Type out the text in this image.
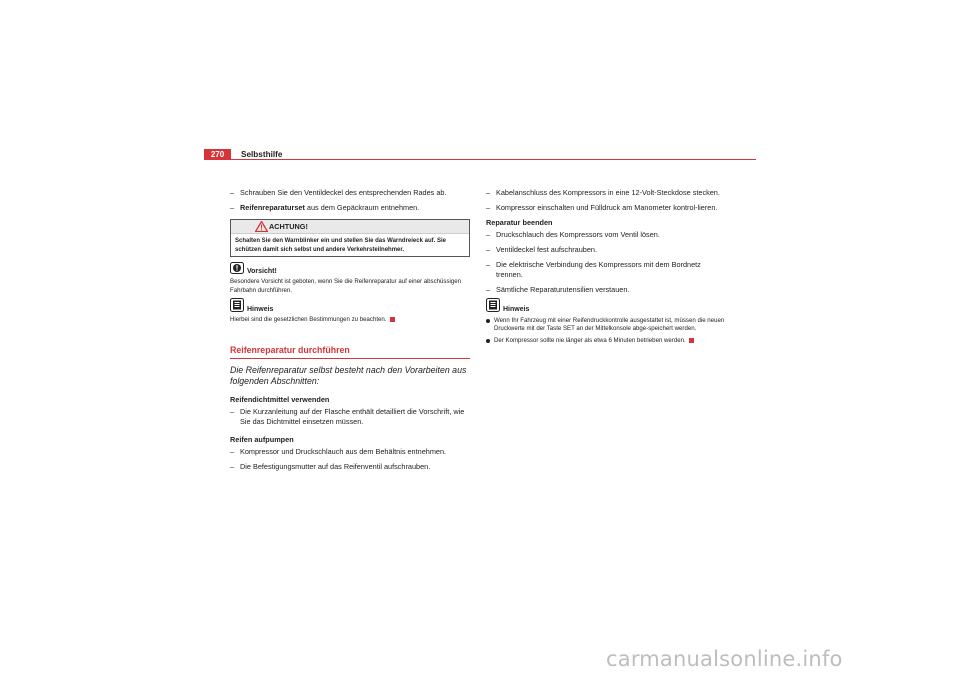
270	Selbsthilfe
– Schrauben Sie den Ventildeckel des entsprechenden Rades ab.
– Reifenreparaturset aus dem Gepäckraum entnehmen.
ACHTUNG!
Schalten Sie den Warnblinker ein und stellen Sie das Warndreieck auf. Sie schützen damit sich selbst und andere Verkehrsteilnehmer.
Vorsicht!
Besondere Vorsicht ist geboten, wenn Sie die Reifenreparatur auf einer abschüssigen Fahrbahn durchführen.
Hinweis
Hierbei sind die gesetzlichen Bestimmungen zu beachten.
Reifenreparatur durchführen
Die Reifenreparatur selbst besteht nach den Vorarbeiten aus folgenden Abschnitten:
Reifendichtmittel verwenden
– Die Kurzanleitung auf der Flasche enthält detailliert die Vorschrift, wie Sie das Dichtmittel einsetzen müssen.
Reifen aufpumpen
– Kompressor und Druckschlauch aus dem Behältnis entnehmen.
– Die Befestigungsmutter auf das Reifenventil aufschrauben.
– Kabelanschluss des Kompressors in eine 12-Volt-Steckdose stecken.
– Kompressor einschalten und Fülldruck am Manometer kontrol-lieren.
Reparatur beenden
– Druckschlauch des Kompressors vom Ventil lösen.
– Ventildeckel fest aufschrauben.
– Die elektrische Verbindung des Kompressors mit dem Bordnetz trennen.
– Sämtliche Reparaturutensilien verstauen.
Hinweis
Wenn Ihr Fahrzeug mit einer Reifendruckkontrolle ausgestattet ist, müssen die neuen Druckwerte mit der Taste SET an der Mittelkonsole abge-speichert werden.
Der Kompressor sollte nie länger als etwa 6 Minuten betrieben werden.
carmanualsonline.info
